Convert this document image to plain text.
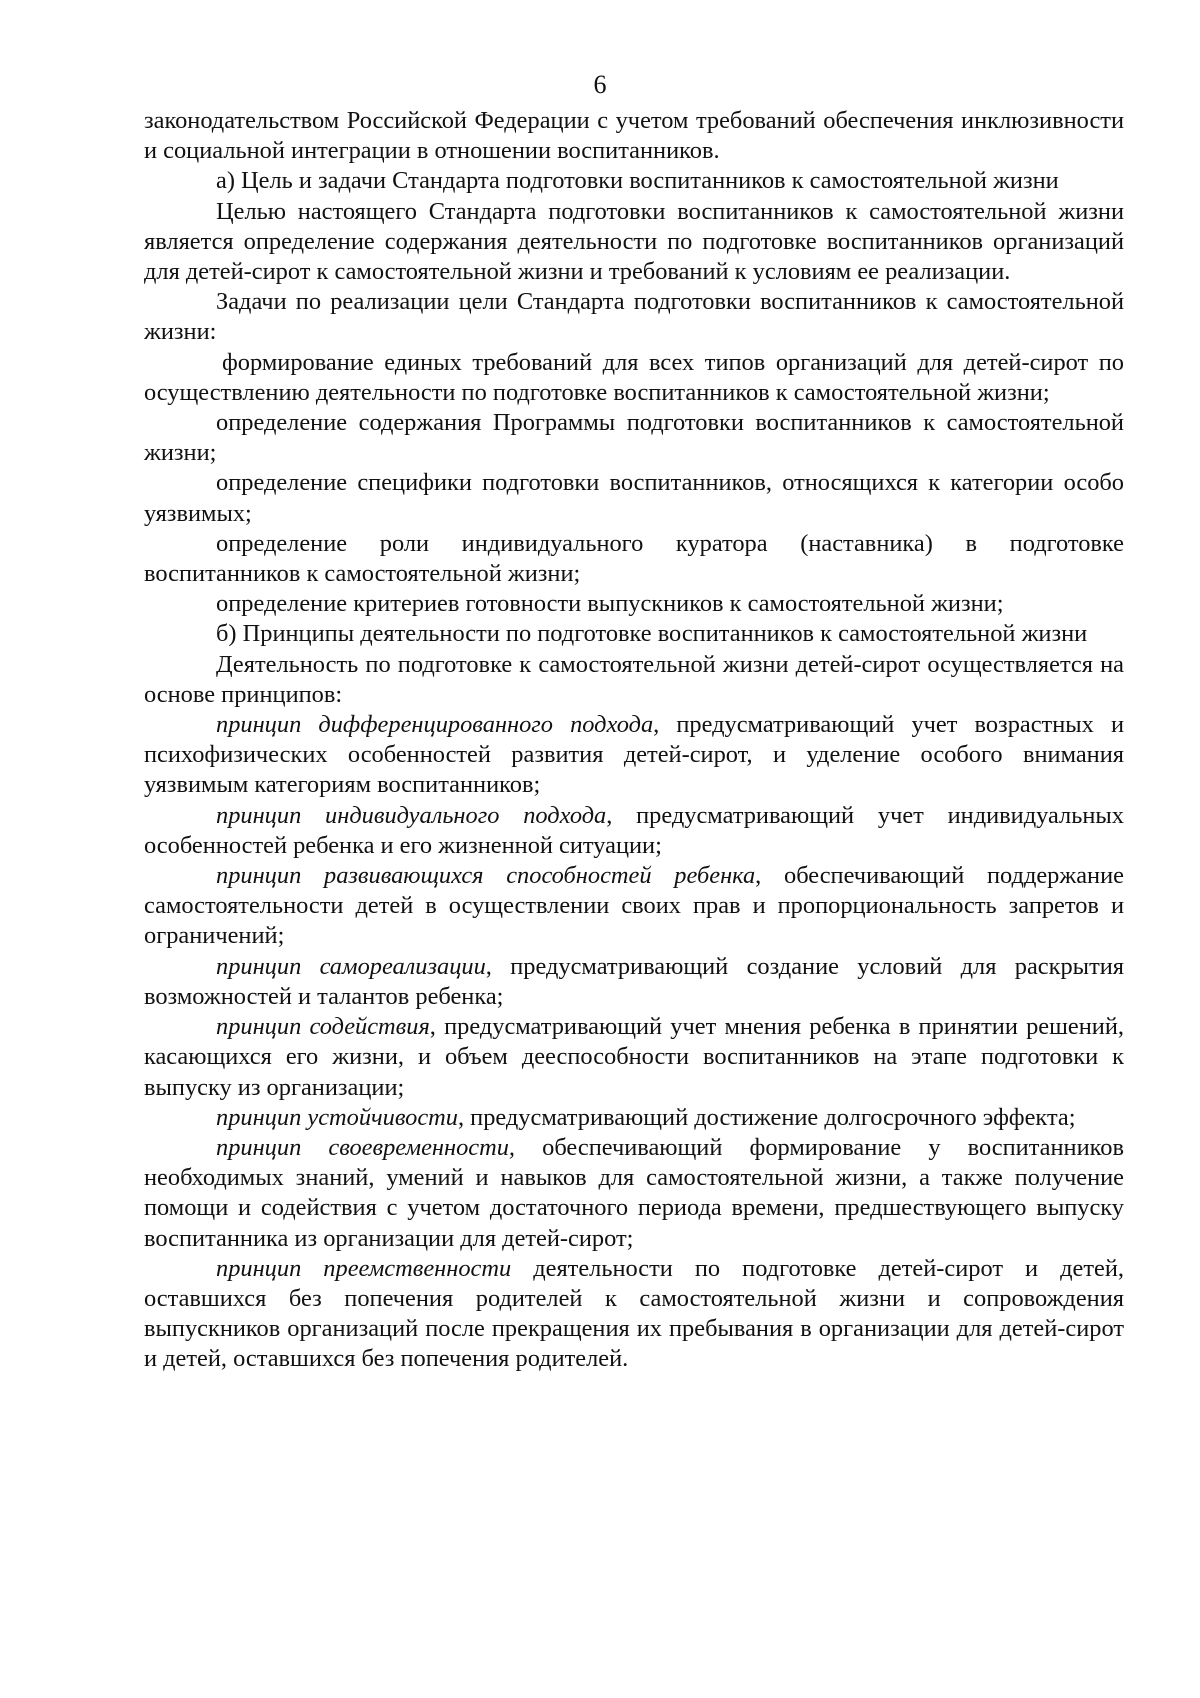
6

законодательством Российской Федерации с учетом требований обеспечения инклюзивности и социальной интеграции в отношении воспитанников.

а) Цель и задачи Стандарта подготовки воспитанников к самостоятельной жизни

Целью настоящего Стандарта подготовки воспитанников к самостоятельной жизни является определение содержания деятельности по подготовке воспитанников организаций для детей-сирот к самостоятельной жизни и требований к условиям ее реализации.

Задачи по реализации цели Стандарта подготовки воспитанников к самостоятельной жизни:

формирование единых требований для всех типов организаций для детей-сирот по осуществлению деятельности по подготовке воспитанников к самостоятельной жизни;

определение содержания Программы подготовки воспитанников к самостоятельной жизни;

определение специфики подготовки воспитанников, относящихся к категории особо уязвимых;

определение роли индивидуального куратора (наставника) в подготовке воспитанников к самостоятельной жизни;

определение критериев готовности выпускников к самостоятельной жизни;

б) Принципы деятельности по подготовке воспитанников к самостоятельной жизни

Деятельность по подготовке к самостоятельной жизни детей-сирот осуществляется на основе принципов:

принцип дифференцированного подхода, предусматривающий учет возрастных и психофизических особенностей развития детей-сирот, и уделение особого внимания уязвимым категориям воспитанников;

принцип индивидуального подхода, предусматривающий учет индивидуальных особенностей ребенка и его жизненной ситуации;

принцип развивающихся способностей ребенка, обеспечивающий поддержание самостоятельности детей в осуществлении своих прав и пропорциональность запретов и ограничений;

принцип самореализации, предусматривающий создание условий для раскрытия возможностей и талантов ребенка;

принцип содействия, предусматривающий учет мнения ребенка в принятии решений, касающихся его жизни, и объем дееспособности воспитанников на этапе подготовки к выпуску из организации;

принцип устойчивости, предусматривающий достижение долгосрочного эффекта;

принцип своевременности, обеспечивающий формирование у воспитанников необходимых знаний, умений и навыков для самостоятельной жизни, а также получение помощи и содействия с учетом достаточного периода времени, предшествующего выпуску воспитанника из организации для детей-сирот;

принцип преемственности деятельности по подготовке детей-сирот и детей, оставшихся без попечения родителей к самостоятельной жизни и сопровождения выпускников организаций после прекращения их пребывания в организации для детей-сирот и детей, оставшихся без попечения родителей.
